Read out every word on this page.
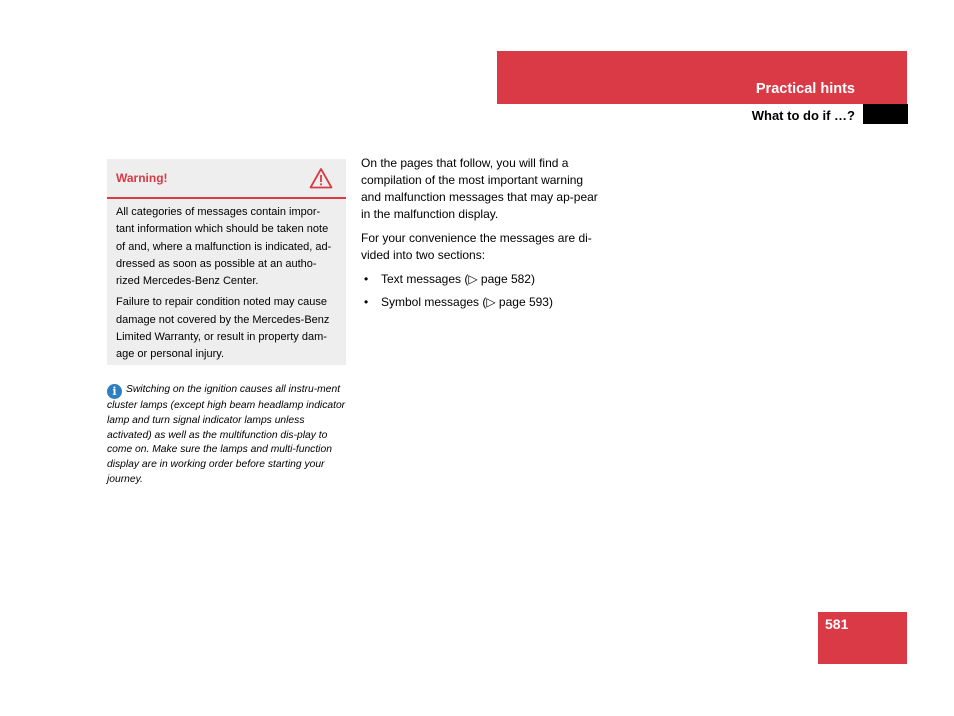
Practical hints
What to do if …?
Warning!

All categories of messages contain impor-tant information which should be taken note of and, where a malfunction is indicated, ad-dressed as soon as possible at an autho-rized Mercedes-Benz Center.

Failure to repair condition noted may cause damage not covered by the Mercedes-Benz Limited Warranty, or result in property dam-age or personal injury.

i Switching on the ignition causes all instru-ment cluster lamps (except high beam headlamp indicator lamp and turn signal indicator lamps unless activated) as well as the multifunction dis-play to come on. Make sure the lamps and multi-function display are in working order before starting your journey.

On the pages that follow, you will find a compilation of the most important warning and malfunction messages that may ap-pear in the malfunction display.

For your convenience the messages are di-vided into two sections:

• Text messages (▷ page 582)
• Symbol messages (▷ page 593)
581
